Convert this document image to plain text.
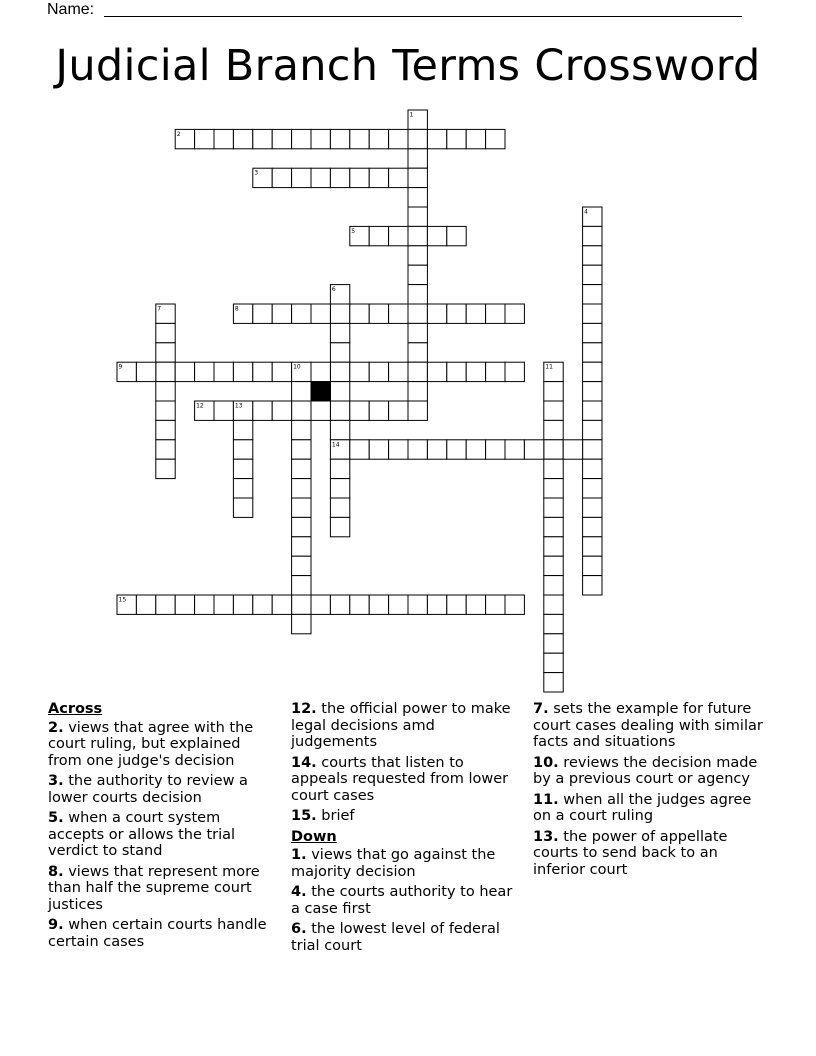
Name:
Judicial Branch Terms Crossword
1
2
3
4
5
6
7	8
9	10	11
12	13
14
15
Across
2. views that agree with the court ruling, but explained from one judge's decision
3. the authority to review a lower courts decision
5. when a court system accepts or allows the trial verdict to stand
8. views that represent more than half the supreme court justices
9. when certain courts handle certain cases
12. the official power to make legal decisions amd judgements
14. courts that listen to appeals requested from lower court cases
15. brief
Down
1. views that go against the majority decision
4. the courts authority to hear a case first
6. the lowest level of federal trial court
7. sets the example for future court cases dealing with similar facts and situations
10. reviews the decision made by a previous court or agency
11. when all the judges agree on a court ruling
13. the power of appellate courts to send back to an inferior court
